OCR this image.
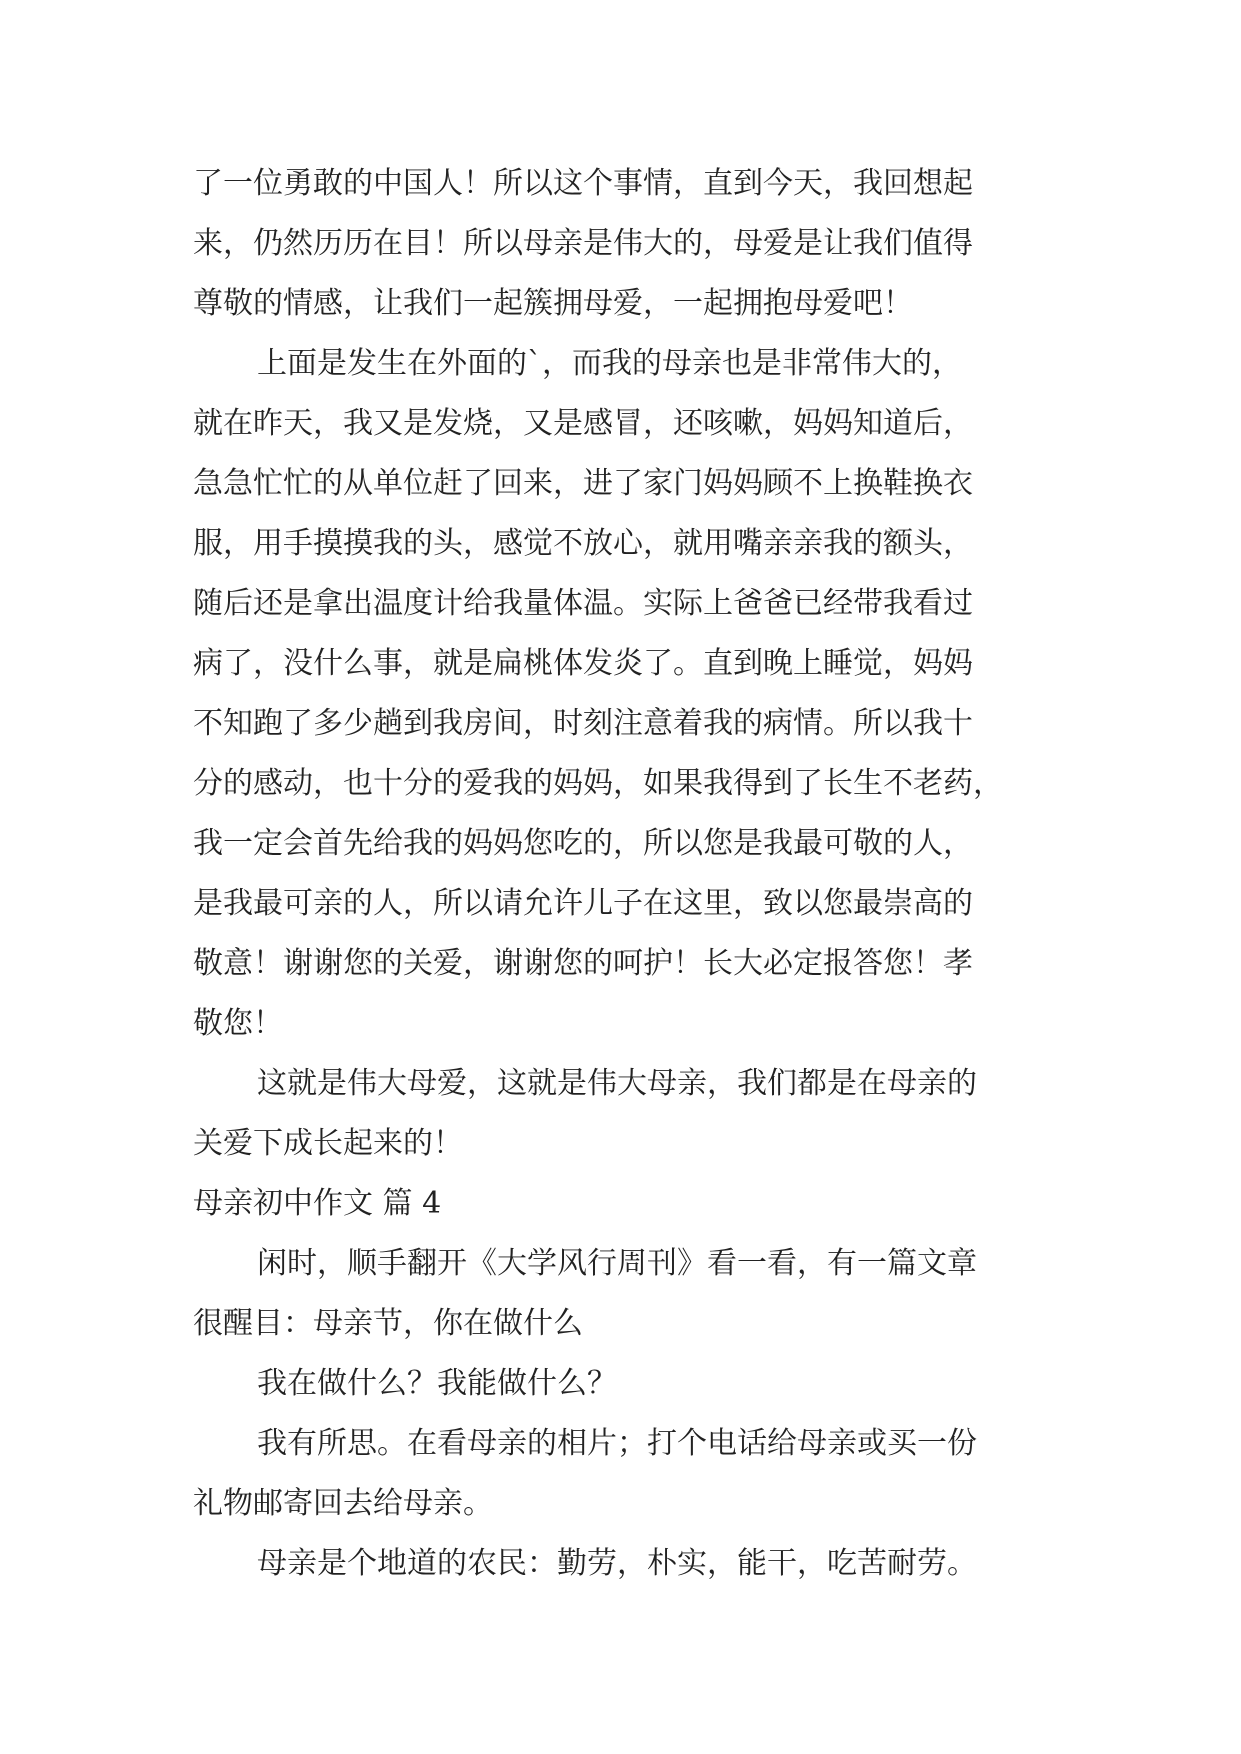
了一位勇敢的中国人！所以这个事情，直到今天，我回想起
来，仍然历历在目！所以母亲是伟大的，母爱是让我们值得
尊敬的情感，让我们一起簇拥母爱，一起拥抱母爱吧！
上面是发生在外面的`，而我的母亲也是非常伟大的，
就在昨天，我又是发烧，又是感冒，还咳嗽，妈妈知道后，
急急忙忙的从单位赶了回来，进了家门妈妈顾不上换鞋换衣
服，用手摸摸我的头，感觉不放心，就用嘴亲亲我的额头，
随后还是拿出温度计给我量体温。实际上爸爸已经带我看过
病了，没什么事，就是扁桃体发炎了。直到晚上睡觉，妈妈
不知跑了多少趟到我房间，时刻注意着我的病情。所以我十
分的感动，也十分的爱我的妈妈，如果我得到了长生不老药，
我一定会首先给我的妈妈您吃的，所以您是我最可敬的人，
是我最可亲的人，所以请允许儿子在这里，致以您最崇高的
敬意！谢谢您的关爱，谢谢您的呵护！长大必定报答您！孝
敬您！
这就是伟大母爱，这就是伟大母亲，我们都是在母亲的
关爱下成长起来的！
母亲初中作文 篇 4
闲时，顺手翻开《大学风行周刊》看一看，有一篇文章
很醒目：母亲节，你在做什么
我在做什么？我能做什么？
我有所思。在看母亲的相片；打个电话给母亲或买一份
礼物邮寄回去给母亲。
母亲是个地道的农民：勤劳，朴实，能干，吃苦耐劳。
